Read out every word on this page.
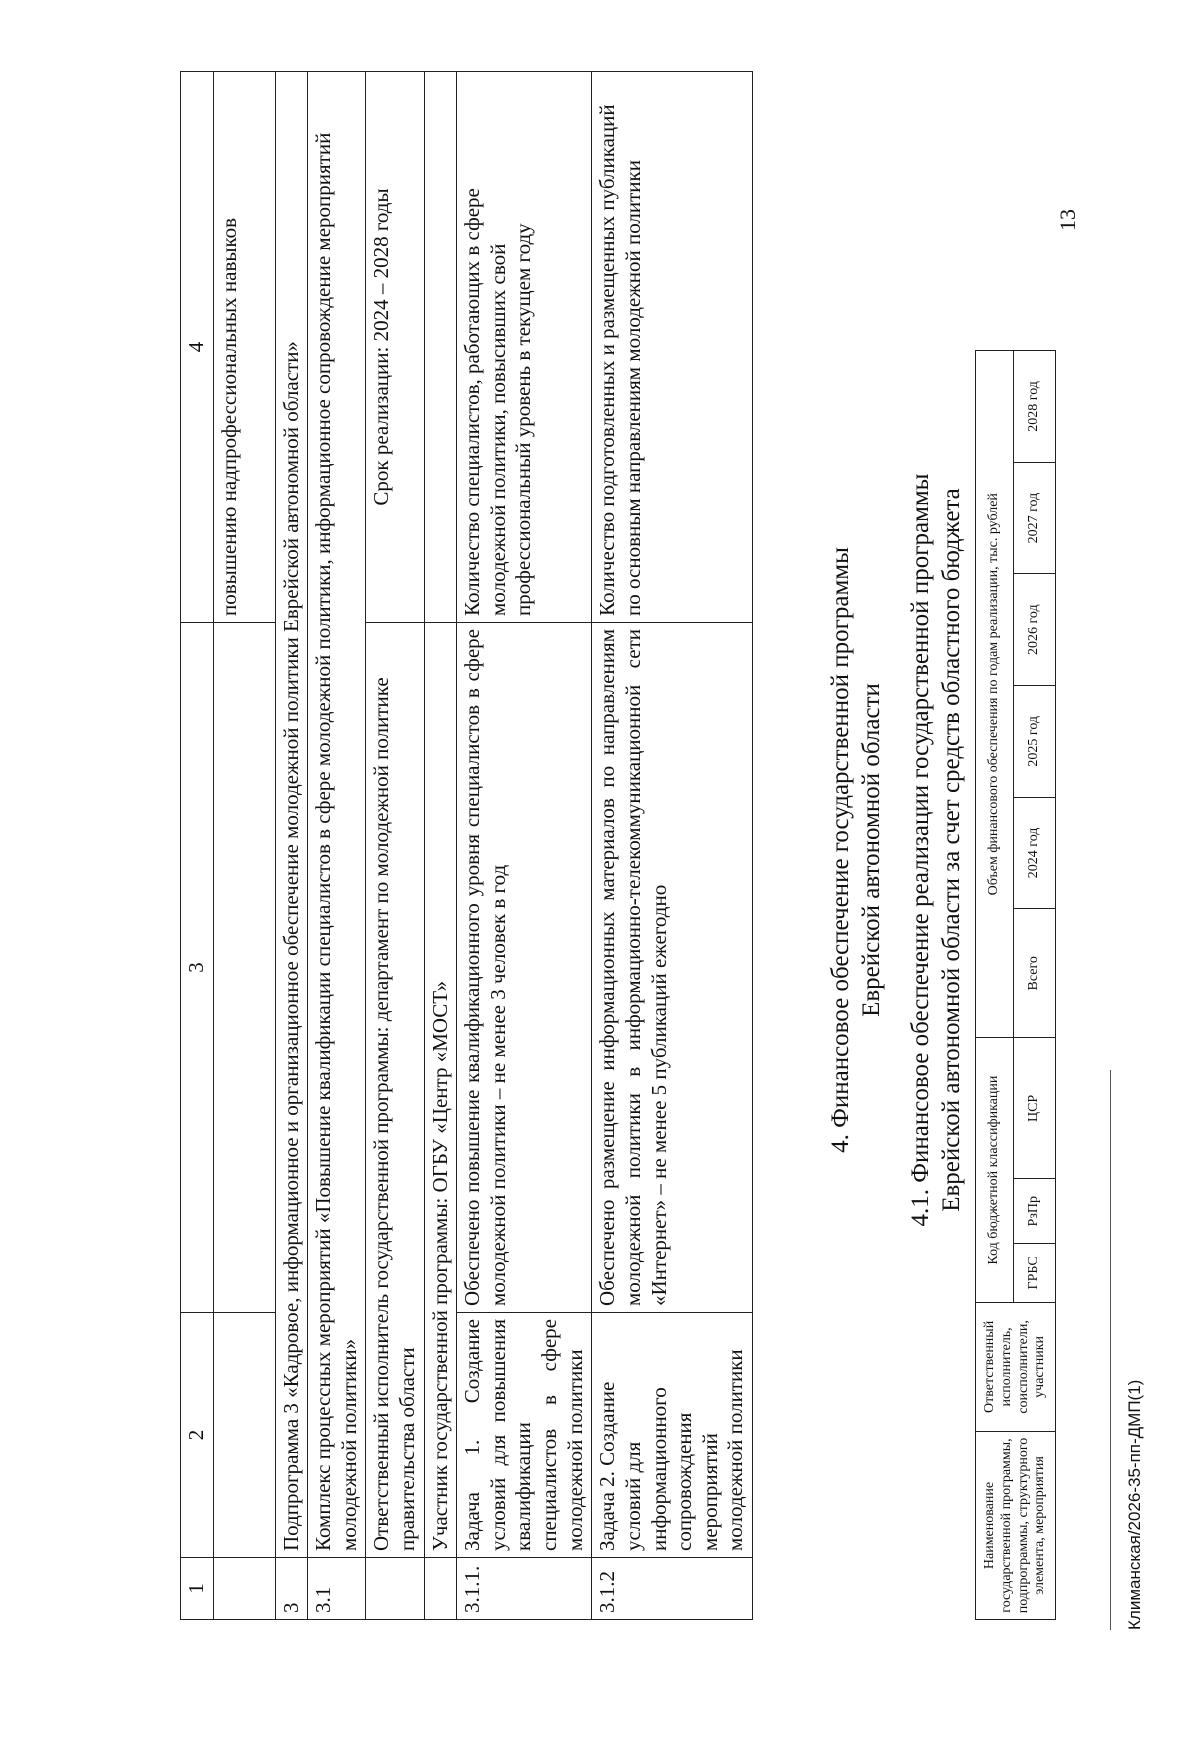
13
1	2	3	4
			повышению надпрофессиональных навыков
3	Подпрограмма 3 «Кадровое, информационное и организационное обеспечение молодежной политики Еврейской автономной области»		
3.1	Комплекс процессных мероприятий «Повышение квалификации специалистов в сфере молодежной политики, информационное сопровождение мероприятий молодежной политики»		
	Ответственный исполнитель государственной программы: департамент по молодежной политике правительства области		Срок реализации: 2024 – 2028 годы
	Участник государственной программы: ОГБУ «Центр «МОСТ»		
3.1.1.	Задача 1. Создание условий для повышения квалификации специалистов в сфере молодежной политики	Обеспечено повышение квалификационного уровня специалистов в сфере молодежной политики – не менее 3 человек в год	Количество специалистов, работающих в сфере молодежной политики, повысивших свой профессиональный уровень в текущем году
3.1.2	Задача 2. Создание условий для информационного сопровождения мероприятий молодежной политики	Обеспечено размещение информационных материалов по направлениям молодежной политики в информационно-телекоммуникационной сети «Интернет» – не менее 5 публикаций ежегодно	Количество подготовленных и размещенных публикаций по основным направлениям молодежной политики
4. Финансовое обеспечение государственной программы Еврейской автономной области 4.1. Финансовое обеспечение реализации государственной программы Еврейской автономной области за счет средств областного бюджета
Наименование государственной программы, подпрограммы, структурного элемента, мероприятия	Ответственный исполнитель, соисполнители, участники	Код бюджетной классификации			Объем финансового обеспечения по годам реализации, тыс. рублей					
		ГРБС	РзПр	ЦСР	Всего	2024 год	2025 год	2026 год	2027 год	2028 год
Климанская/2026-35-пп-ДМП(1)
